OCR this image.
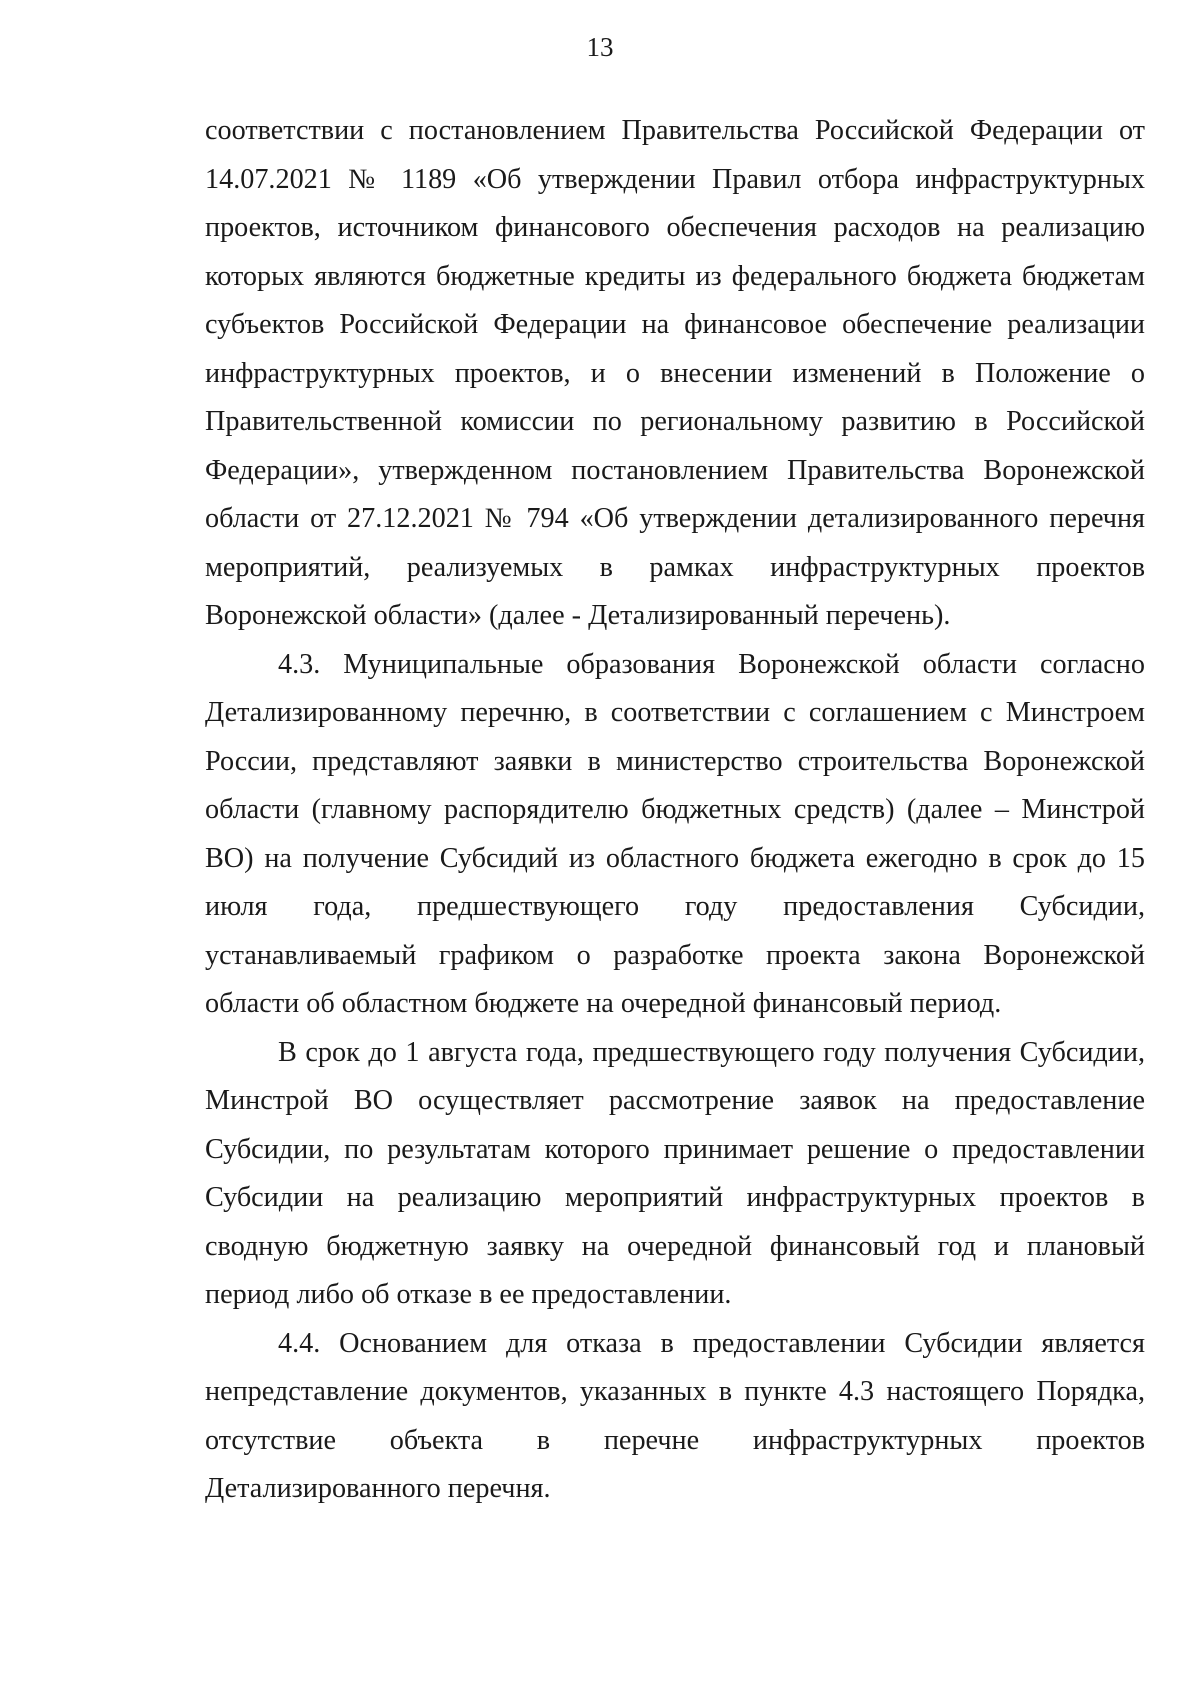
13

соответствии с постановлением Правительства Российской Федерации от 14.07.2021 № 1189 «Об утверждении Правил отбора инфраструктурных проектов, источником финансового обеспечения расходов на реализацию которых являются бюджетные кредиты из федерального бюджета бюджетам субъектов Российской Федерации на финансовое обеспечение реализации инфраструктурных проектов, и о внесении изменений в Положение о Правительственной комиссии по региональному развитию в Российской Федерации», утвержденном постановлением Правительства Воронежской области от 27.12.2021 № 794 «Об утверждении детализированного перечня мероприятий, реализуемых в рамках инфраструктурных проектов Воронежской области» (далее - Детализированный перечень).

4.3. Муниципальные образования Воронежской области согласно Детализированному перечню, в соответствии с соглашением с Минстроем России, представляют заявки в министерство строительства Воронежской области (главному распорядителю бюджетных средств) (далее – Минстрой ВО) на получение Субсидий из областного бюджета ежегодно в срок до 15 июля года, предшествующего году предоставления Субсидии, устанавливаемый графиком о разработке проекта закона Воронежской области об областном бюджете на очередной финансовый период.

В срок до 1 августа года, предшествующего году получения Субсидии, Минстрой ВО осуществляет рассмотрение заявок на предоставление Субсидии, по результатам которого принимает решение о предоставлении Субсидии на реализацию мероприятий инфраструктурных проектов в сводную бюджетную заявку на очередной финансовый год и плановый период либо об отказе в ее предоставлении.

4.4. Основанием для отказа в предоставлении Субсидии является непредставление документов, указанных в пункте 4.3 настоящего Порядка, отсутствие объекта в перечне инфраструктурных проектов Детализированного перечня.
